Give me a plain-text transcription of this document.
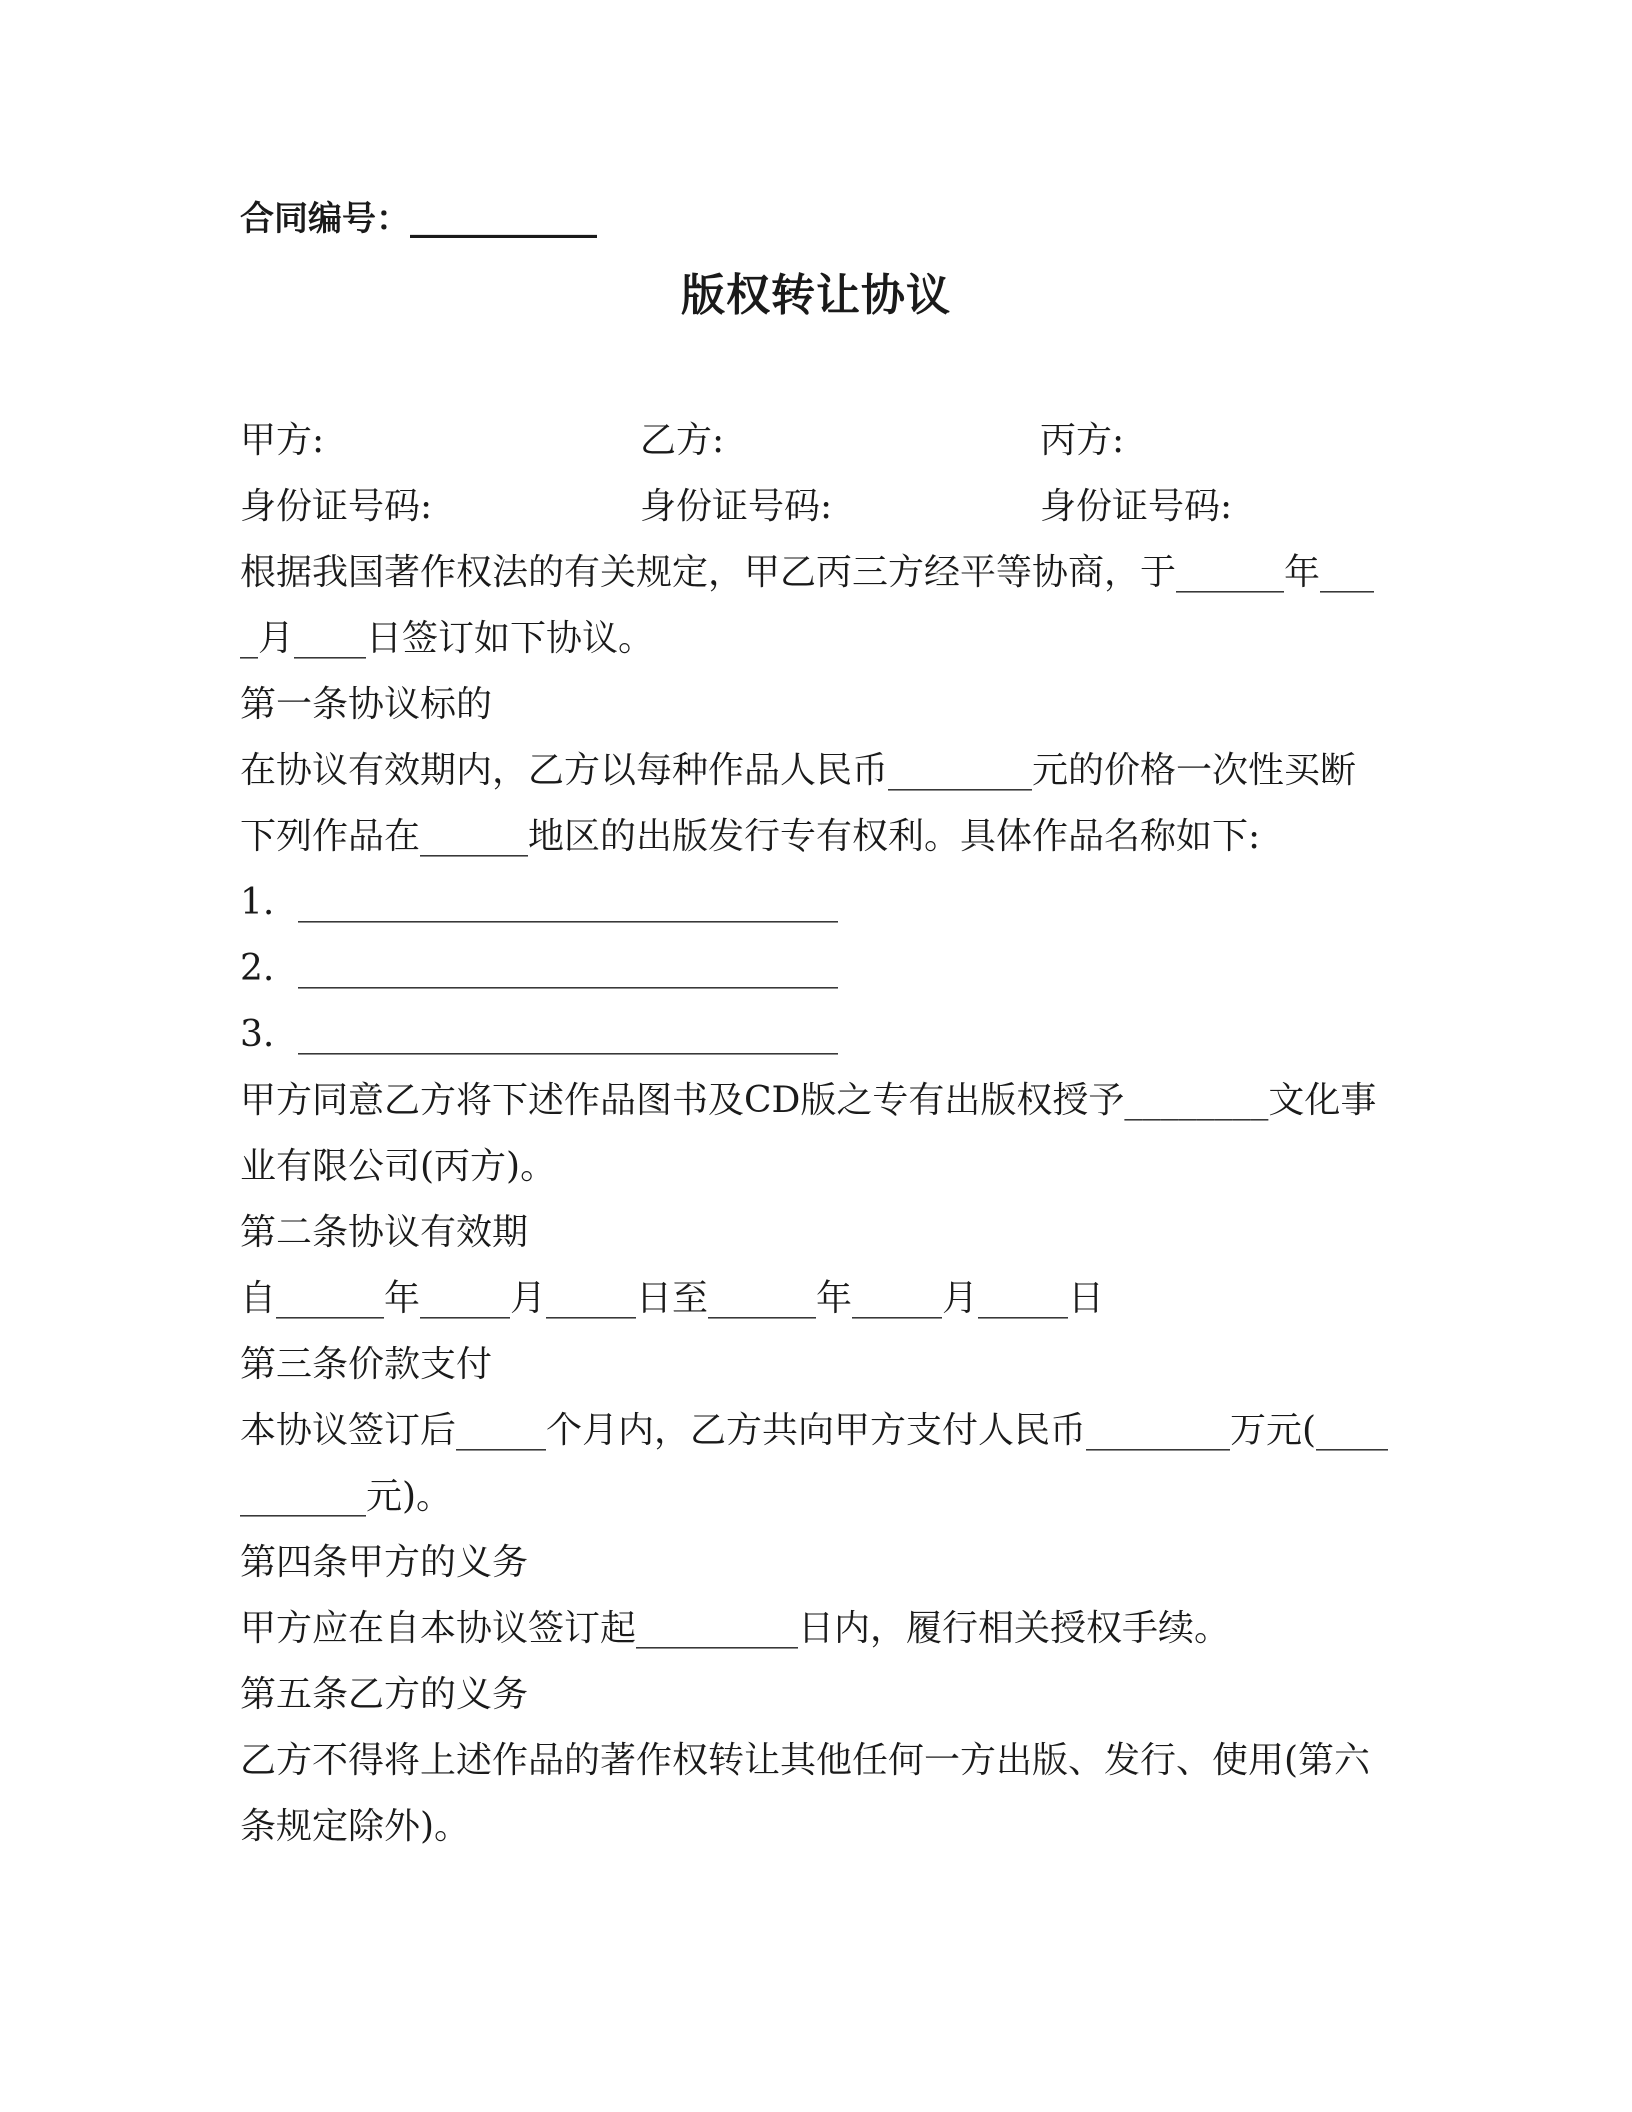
合同编号：___________
版权转让协议
甲方:	乙方:	丙方:
身份证号码:	身份证号码:	身份证号码:

根据我国著作权法的有关规定，甲乙丙三方经平等协商，于______年____月____日签订如下协议。

第一条协议标的

在协议有效期内，乙方以每种作品人民币________元的价格一次性买断下列作品在______地区的出版发行专有权利。具体作品名称如下:

1. ______________________________
2. ______________________________
3. ______________________________

甲方同意乙方将下述作品图书及CD版之专有出版权授予________文化事业有限公司(丙方)。

第二条协议有效期
自______年_____月_____日至______年_____月_____日
第三条价款支付

本协议签订后_____个月内，乙方共向甲方支付人民币________万元(___________元)。

第四条甲方的义务
甲方应在自本协议签订起_________日内，履行相关授权手续。
第五条乙方的义务

乙方不得将上述作品的著作权转让其他任何一方出版、发行、使用(第六条规定除外)。
